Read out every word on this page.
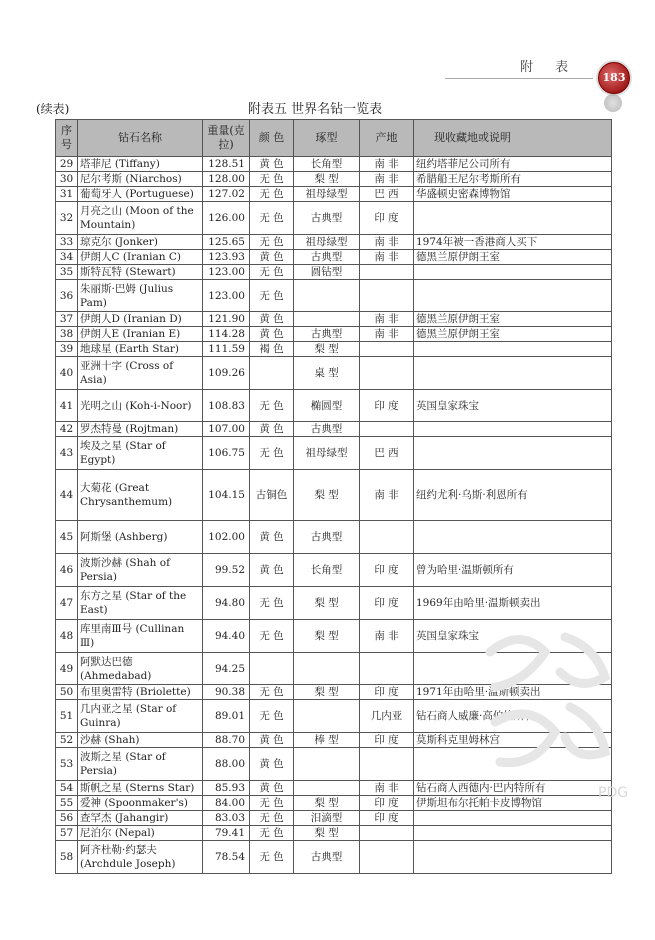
附 表
183
(续表)	附表五 世界名钻一览表
序号	钻石名称	重量(克拉)	颜 色	琢型	产地	现收藏地或说明
29	塔菲尼 (Tiffany)	128.51	黄 色	长角型	南 非	纽约塔菲尼公司所有
30	尼尔考斯 (Niarchos)	128.00	无 色	梨 型	南 非	希腊船王尼尔考斯所有
31	葡萄牙人 (Portuguese)	127.02	无 色	祖母绿型	巴 西	华盛顿史密森博物馆
32	月亮之山 (Moon of the Mountain)	126.00	无 色	古典型	印 度	
33	琼克尔 (Jonker)	125.65	无 色	祖母绿型	南 非	1974年被一香港商人买下
34	伊朗人C (Iranian C)	123.93	黄 色	古典型	南 非	德黑兰原伊朗王室
35	斯特瓦特 (Stewart)	123.00	无 色	圆钻型		
36	朱丽斯·巴姆 (Julius Pam)	123.00	无 色			
37	伊朗人D (Iranian D)	121.90	黄 色		南 非	德黑兰原伊朗王室
38	伊朗人E (Iranian E)	114.28	黄 色	古典型	南 非	德黑兰原伊朗王室
39	地球星 (Earth Star)	111.59	褐 色	梨 型		
40	亚洲十字 (Cross of Asia)	109.26		桌 型		
41	光明之山 (Koh-i-Noor)	108.83	无 色	椭圆型	印 度	英国皇家珠宝
42	罗杰特曼 (Rojtman)	107.00	黄 色	古典型		
43	埃及之星 (Star of Egypt)	106.75	无 色	祖母绿型	巴 西	
44	大菊花 (Great Chrysanthemum)	104.15	古铜色	梨 型	南 非	纽约尤利·乌斯·利恩所有
45	阿斯堡 (Ashberg)	102.00	黄 色	古典型		
46	波斯沙赫 (Shah of Persia)	99.52	黄 色	长角型	印 度	曾为哈里·温斯顿所有
47	东方之星 (Star of the East)	94.80	无 色	梨 型	印 度	1969年由哈里·温斯顿卖出
48	库里南Ⅲ号 (Cullinan Ⅲ)	94.40	无 色	梨 型	南 非	英国皇家珠宝
49	阿默达巴德 (Ahmedabad)	94.25				
50	布里奥雷特 (Briolette)	90.38	无 色	梨 型	印 度	1971年由哈里·温斯顿卖出
51	几内亚之星 (Star of Guinra)	89.01	无 色		几内亚	钻石商人威廉·高伯格所有
52	沙赫 (Shah)	88.70	黄 色	棒 型	印 度	莫斯科克里姆林宫
53	波斯之星 (Star of Persia)	88.00	黄 色			
54	斯帆之星 (Sterns Star)	85.93	黄 色		南 非	钻石商人西德内·巴内特所有
55	爱神 (Spoonmaker's)	84.00	无 色	梨 型	印 度	伊斯坦布尔托帕卡皮博物馆
56	查罕杰 (Jahangir)	83.03	无 色	汨滴型	印 度	
57	尼泊尔 (Nepal)	79.41	无 色	梨 型		
58	阿齐杜勒·约瑟夫 (Archdule Joseph)	78.54	无 色	古典型		
PDG
